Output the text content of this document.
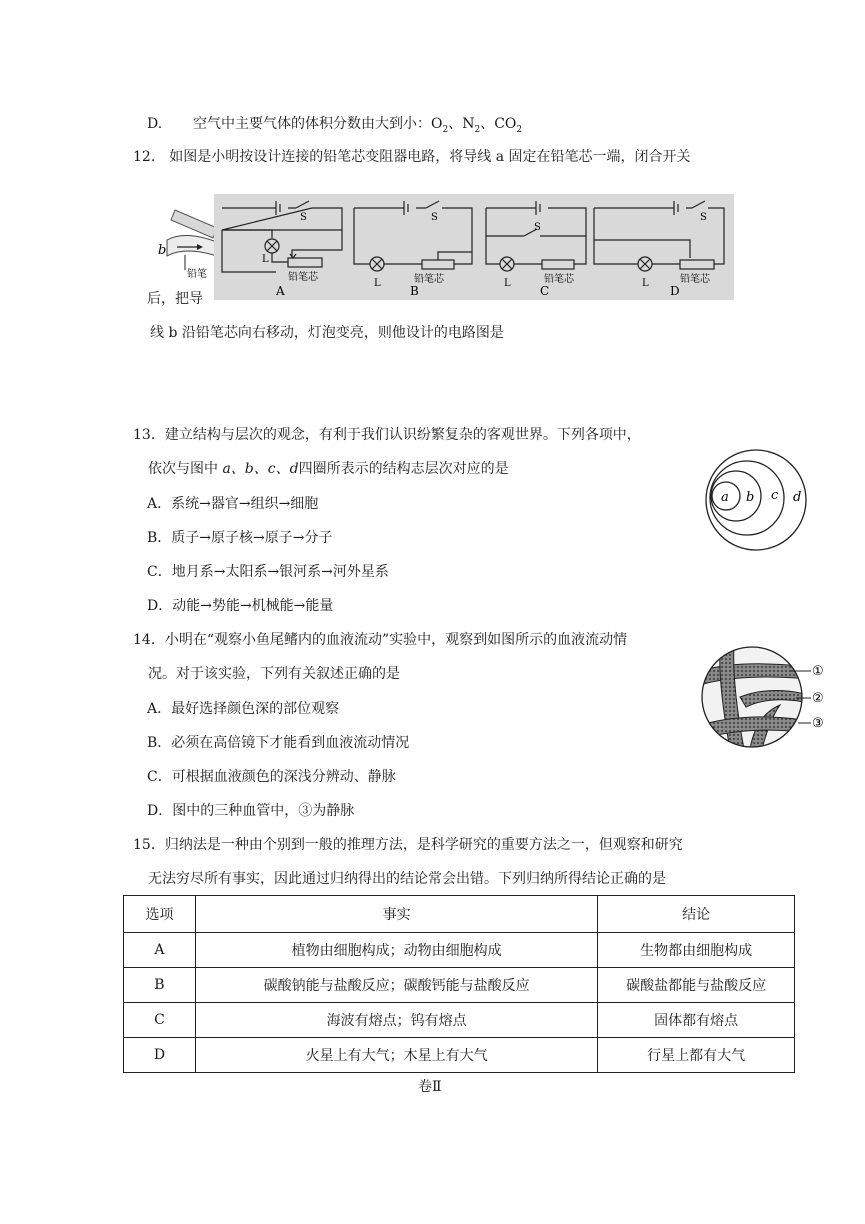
D. 空气中主要气体的体积分数由大到小：$O_2$、$N_2$、$CO_2$
12.　如图是小明按设计连接的铅笔芯变阻器电路，将导线 a 固定在铅笔芯一端，闭合开关
b
铅笔
S
L
铅笔芯
A
S
L	铅笔芯
B
S
L	铅笔芯
C
S
L	铅笔芯
D
后，把导
线 b 沿铅笔芯向右移动，灯泡变亮，则他设计的电路图是
13．建立结构与层次的观念，有利于我们认识纷繁复杂的客观世界。下列各项中，
依次与图中 a、b、c、d四圈所表示的结构志层次对应的是
A．系统→器官→组织→细胞
B．质子→原子核→原子→分子
C．地月系→太阳系→银河系→河外星系
D．动能→势能→机械能→能量
a b c d
14．小明在“观察小鱼尾鳍内的血液流动”实验中，观察到如图所示的血液流动情
况。对于该实验，下列有关叙述正确的是
A．最好选择颜色深的部位观察
B．必须在高倍镜下才能看到血液流动情况
C．可根据血液颜色的深浅分辨动、静脉
D．图中的三种血管中，③为静脉
①
②
③
15．归纳法是一种由个别到一般的推理方法，是科学研究的重要方法之一，但观察和研究
无法穷尽所有事实，因此通过归纳得出的结论常会出错。下列归纳所得结论正确的是
选项	事实	结论
A	植物由细胞构成；动物由细胞构成	生物都由细胞构成
B	碳酸钠能与盐酸反应；碳酸钙能与盐酸反应	碳酸盐都能与盐酸反应
C	海波有熔点；钨有熔点	固体都有熔点
D	火星上有大气；木星上有大气	行星上都有大气
卷Ⅱ
